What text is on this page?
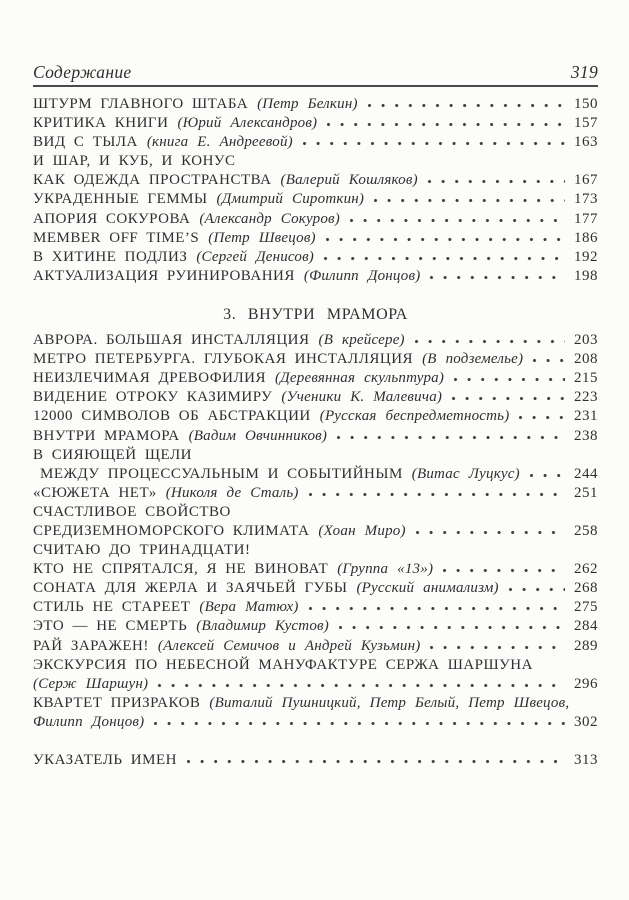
Содержание	319
ШТУРМ ГЛАВНОГО ШТАБА (Петр Белкин)	150
КРИТИКА КНИГИ (Юрий Александров)	157
ВИД С ТЫЛА (книга Е. Андреевой)	163
И ШАР, И КУБ, И КОНУС
КАК ОДЕЖДА ПРОСТРАНСТВА (Валерий Кошляков)	167
УКРАДЕННЫЕ ГЕММЫ (Дмитрий Сироткин)	173
АПОРИЯ СОКУРОВА (Александр Сокуров)	177
MEMBER OFF TIME’S (Петр Швецов)	186
В ХИТИНЕ ПОДЛИЗ (Сергей Денисов)	192
АКТУАЛИЗАЦИЯ РУИНИРОВАНИЯ (Филипп Донцов)	198
3. ВНУТРИ МРАМОРА
АВРОРА. БОЛЬШАЯ ИНСТАЛЛЯЦИЯ (В крейсере)	203
МЕТРО ПЕТЕРБУРГА. ГЛУБОКАЯ ИНСТАЛЛЯЦИЯ (В подземелье)	208
НЕИЗЛЕЧИМАЯ ДРЕВОФИЛИЯ (Деревянная скульптура)	215
ВИДЕНИЕ ОТРОКУ КАЗИМИРУ (Ученики К. Малевича)	223
12000 СИМВОЛОВ ОБ АБСТРАКЦИИ (Русская беспредметность)	231
ВНУТРИ МРАМОРА (Вадим Овчинников)	238
В СИЯЮЩЕЙ ЩЕЛИ
МЕЖДУ ПРОЦЕССУАЛЬНЫМ И СОБЫТИЙНЫМ (Витас Луцкус)	244
«СЮЖЕТА НЕТ» (Николя де Сталь)	251
СЧАСТЛИВОЕ СВОЙСТВО
СРЕДИЗЕМНОМОРСКОГО КЛИМАТА (Хоан Миро)	258
СЧИТАЮ ДО ТРИНАДЦАТИ!
КТО НЕ СПРЯТАЛСЯ, Я НЕ ВИНОВАТ (Группа «13»)	262
СОНАТА ДЛЯ ЖЕРЛА И ЗАЯЧЬЕЙ ГУБЫ (Русский анимализм)	268
СТИЛЬ НЕ СТАРЕЕТ (Вера Матюх)	275
ЭТО — НЕ СМЕРТЬ (Владимир Кустов)	284
РАЙ ЗАРАЖЕН! (Алексей Семичов и Андрей Кузьмин)	289
ЭКСКУРСИЯ ПО НЕБЕСНОЙ МАНУФАКТУРЕ СЕРЖА ШАРШУНА
(Серж Шаршун)	296
КВАРТЕТ ПРИЗРАКОВ (Виталий Пушницкий, Петр Белый, Петр Швецов,
Филипп Донцов)	302
УКАЗАТЕЛЬ ИМЕН	313
